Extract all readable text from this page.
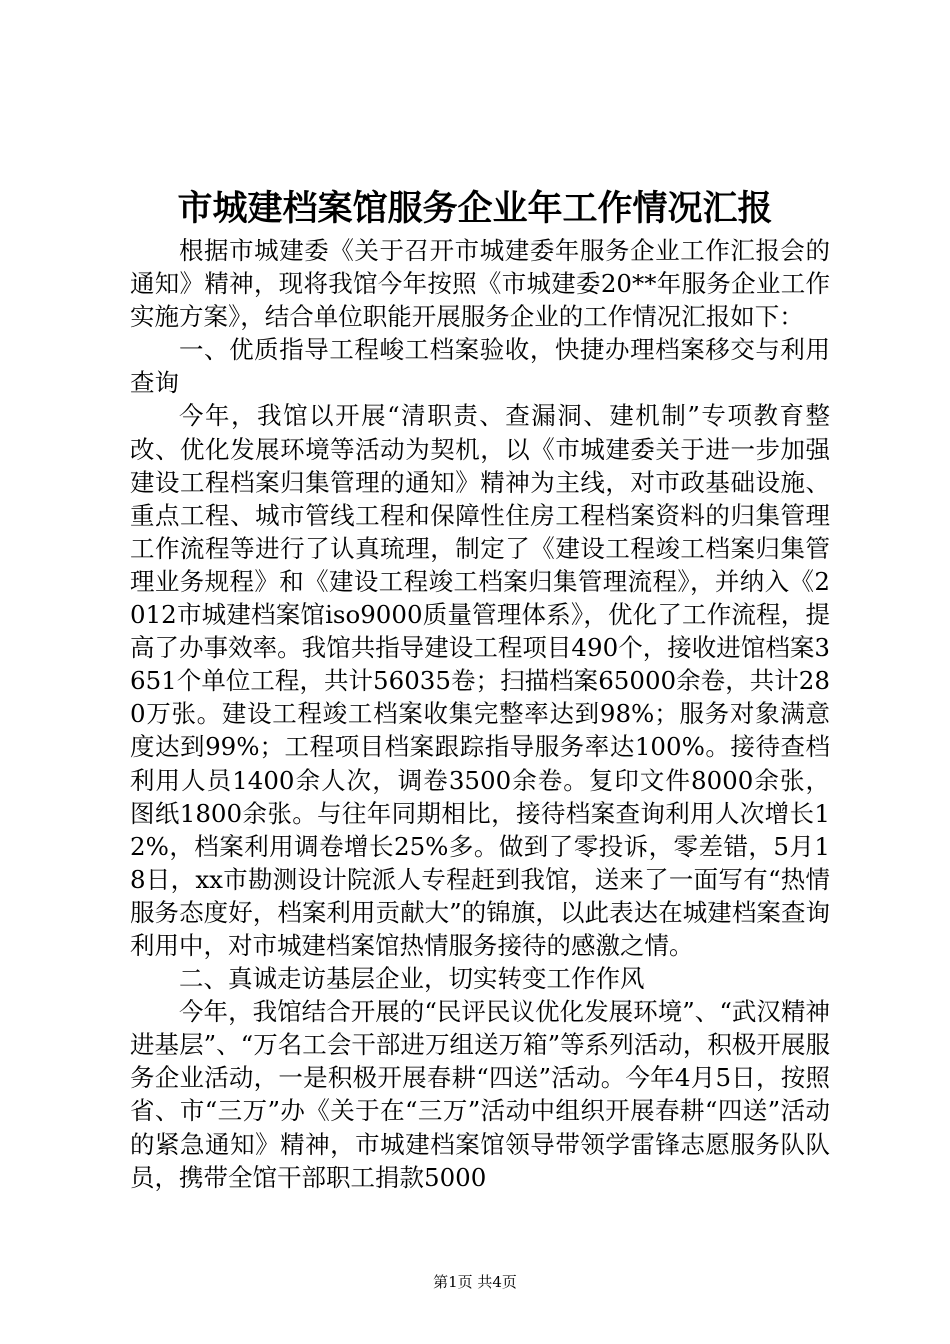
市城建档案馆服务企业年工作情况汇报

根据市城建委《关于召开市城建委年服务企业工作汇报会的通知》精神，现将我馆今年按照《市城建委20**年服务企业工作实施方案》，结合单位职能开展服务企业的工作情况汇报如下：

一、优质指导工程峻工档案验收，快捷办理档案移交与利用查询

今年，我馆以开展“清职责、查漏洞、建机制”专项教育整改、优化发展环境等活动为契机，以《市城建委关于进一步加强建设工程档案归集管理的通知》精神为主线，对市政基础设施、重点工程、城市管线工程和保障性住房工程档案资料的归集管理工作流程等进行了认真琉理，制定了《建设工程竣工档案归集管理业务规程》和《建设工程竣工档案归集管理流程》，并纳入《2012市城建档案馆iso9000质量管理体系》，优化了工作流程，提高了办事效率。我馆共指导建设工程项目490个，接收进馆档案3651个单位工程，共计56035卷；扫描档案65000余卷，共计280万张。建设工程竣工档案收集完整率达到98%；服务对象满意度达到99%；工程项目档案跟踪指导服务率达100%。接待查档利用人员1400余人次，调卷3500余卷。复印文件8000余张，图纸1800余张。与往年同期相比，接待档案查询利用人次增长12%，档案利用调卷增长25%多。做到了零投诉，零差错，5月18日，xx市勘测设计院派人专程赶到我馆，送来了一面写有“热情服务态度好，档案利用贡献大”的锦旗，以此表达在城建档案查询利用中，对市城建档案馆热情服务接待的感激之情。

二、真诚走访基层企业，切实转变工作作风

今年，我馆结合开展的“民评民议优化发展环境”、“武汉精神进基层”、“万名工会干部进万组送万箱”等系列活动，积极开展服务企业活动，一是积极开展春耕“四送”活动。今年4月5日，按照省、市“三万”办《关于在“三万”活动中组织开展春耕“四送”活动的紧急通知》精神，市城建档案馆领导带领学雷锋志愿服务队队员，携带全馆干部职工捐款5000

第1页 共4页
